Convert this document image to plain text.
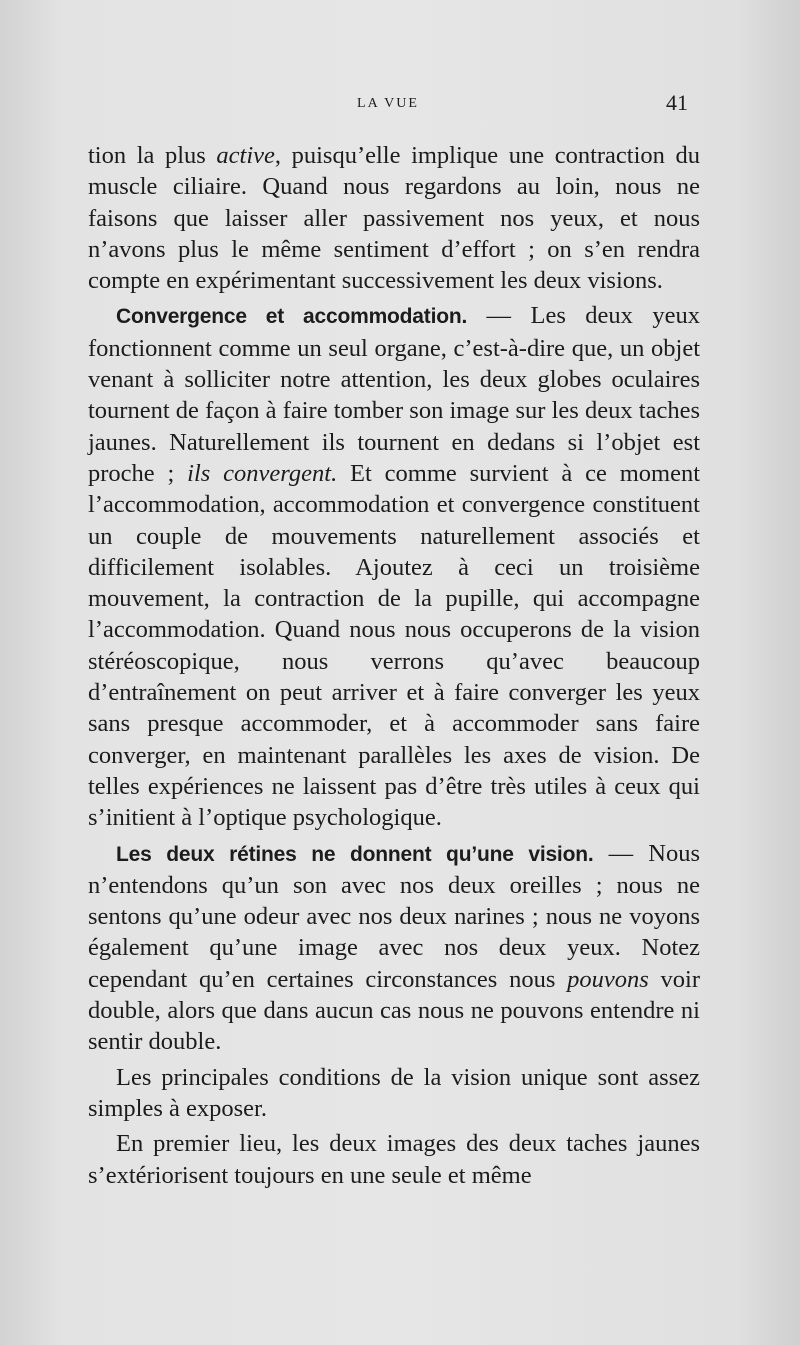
LA VUE	41

tion la plus active, puisqu’elle implique une contraction du muscle ciliaire. Quand nous regardons au loin, nous ne faisons que laisser aller passivement nos yeux, et nous n’avons plus le même sentiment d’effort ; on s’en rendra compte en expérimentant successivement les deux visions.

Convergence et accommodation. — Les deux yeux fonctionnent comme un seul organe, c’est-à-dire que, un objet venant à solliciter notre attention, les deux globes oculaires tournent de façon à faire tomber son image sur les deux taches jaunes. Naturellement ils tournent en dedans si l’objet est proche ; ils convergent. Et comme survient à ce moment l’accommodation, accommodation et convergence constituent un couple de mouvements naturellement associés et difficilement isolables. Ajoutez à ceci un troisième mouvement, la contraction de la pupille, qui accompagne l’accommodation. Quand nous nous occuperons de la vision stéréoscopique, nous verrons qu’avec beaucoup d’entraînement on peut arriver et à faire converger les yeux sans presque accommoder, et à accommoder sans faire converger, en maintenant parallèles les axes de vision. De telles expériences ne laissent pas d’être très utiles à ceux qui s’initient à l’optique psychologique.

Les deux rétines ne donnent qu’une vision. — Nous n’entendons qu’un son avec nos deux oreilles ; nous ne sentons qu’une odeur avec nos deux narines ; nous ne voyons également qu’une image avec nos deux yeux. Notez cependant qu’en certaines circonstances nous pouvons voir double, alors que dans aucun cas nous ne pouvons entendre ni sentir double.

Les principales conditions de la vision unique sont assez simples à exposer.

En premier lieu, les deux images des deux taches jaunes s’extériorisent toujours en une seule et même
